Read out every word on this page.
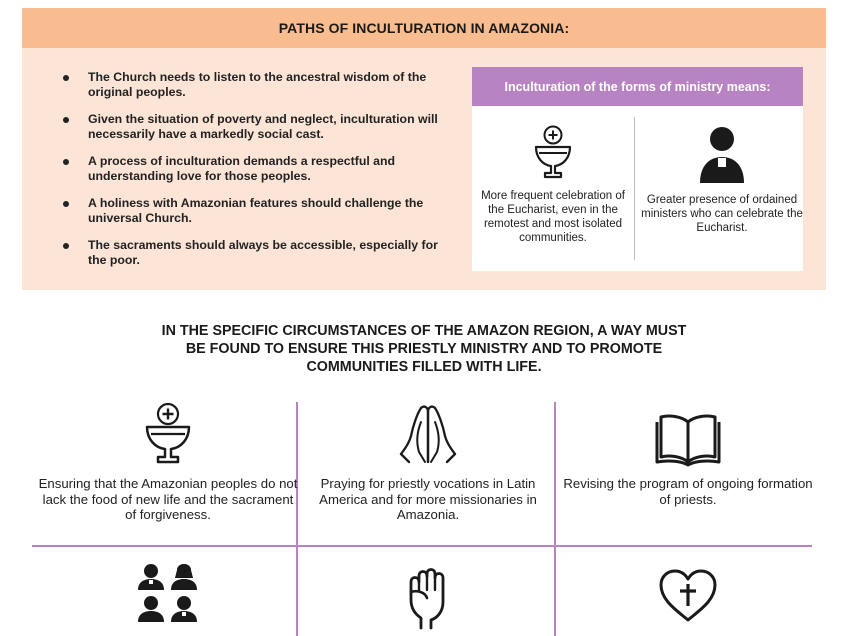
PATHS OF INCULTURATION IN AMAZONIA:
The Church needs to listen to the ancestral wisdom of the original peoples.
Given the situation of poverty and neglect, inculturation will necessarily have a markedly social cast.
A process of inculturation demands a respectful and understanding love for those peoples.
A holiness with Amazonian features should challenge the universal Church.
The sacraments should always be accessible, especially for the poor.
Inculturation of the forms of ministry means:
More frequent celebration of the Eucharist, even in the remotest and most isolated communities.
Greater presence of ordained ministers who can celebrate the Eucharist.
IN THE SPECIFIC CIRCUMSTANCES OF THE AMAZON REGION, A WAY MUST BE FOUND TO ENSURE THIS PRIESTLY MINISTRY AND TO PROMOTE COMMUNITIES FILLED WITH LIFE.
Ensuring that the Amazonian peoples do not lack the food of new life and the sacrament of forgiveness.
Praying for priestly vocations in Latin America and for more missionaries in Amazonia.
Revising the program of ongoing formation of priests.
